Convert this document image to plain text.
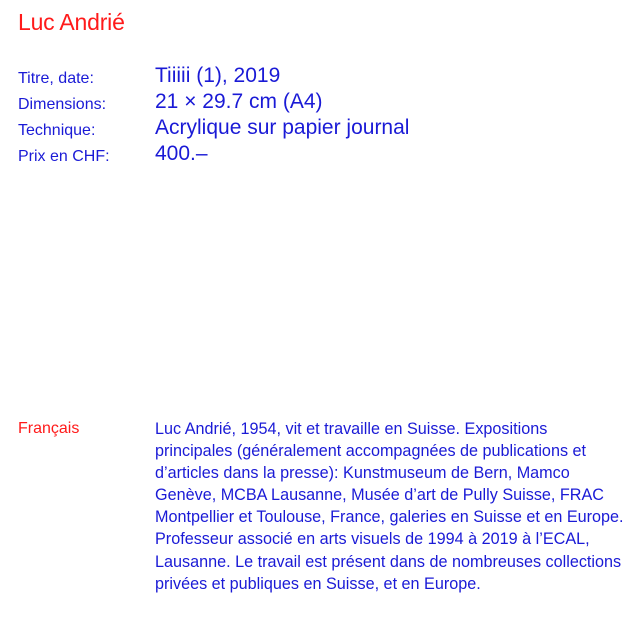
Luc Andrié
Titre, date:	Tiiiii (1), 2019
Dimensions: 21 × 29.7 cm (A4)
Technique:	Acrylique sur papier journal
Prix en CHF: 400.–
Français	Luc Andrié, 1954, vit et travaille en Suisse. Expositions principales (généralement accompagnées de publications et d’articles dans la presse): Kunstmuseum de Bern, Mamco Genève, MCBA Lausanne, Musée d’art de Pully Suisse, FRAC Montpellier et Toulouse, France, galeries en Suisse et en Europe. Professeur associé en arts visuels de 1994 à 2019 à l’ECAL, Lausanne. Le travail est présent dans de nombreuses collections privées et publiques en Suisse, et en Europe.
